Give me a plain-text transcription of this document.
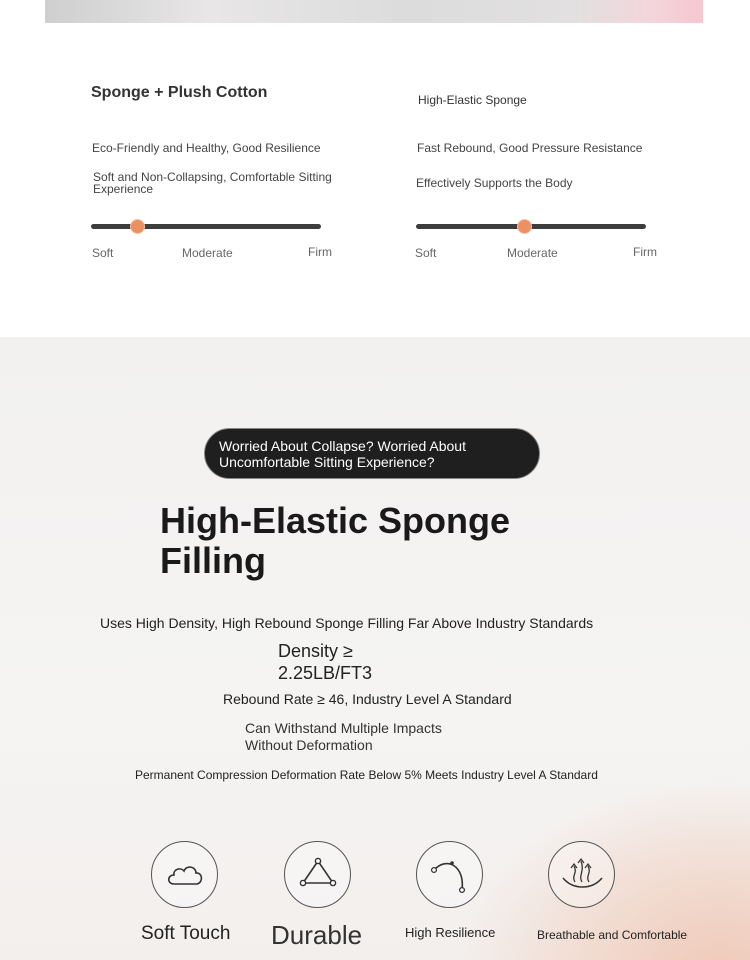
Sponge + Plush Cotton
Eco-Friendly and Healthy, Good Resilience
Soft and Non-Collapsing, Comfortable Sitting Experience
Soft	Moderate	Firm
High-Elastic Sponge
Fast Rebound, Good Pressure Resistance
Effectively Supports the Body
Soft	Moderate	Firm
Worried About Collapse? Worried About Uncomfortable Sitting Experience?
High-Elastic Sponge Filling
Uses High Density, High Rebound Sponge Filling Far Above Industry Standards
Density ≥ 2.25LB/FT3
Rebound Rate ≥ 46, Industry Level A Standard
Can Withstand Multiple Impacts Without Deformation
Permanent Compression Deformation Rate Below 5% Meets Industry Level A Standard
Soft Touch Durable	High Resilience	Breathable and Comfortable
